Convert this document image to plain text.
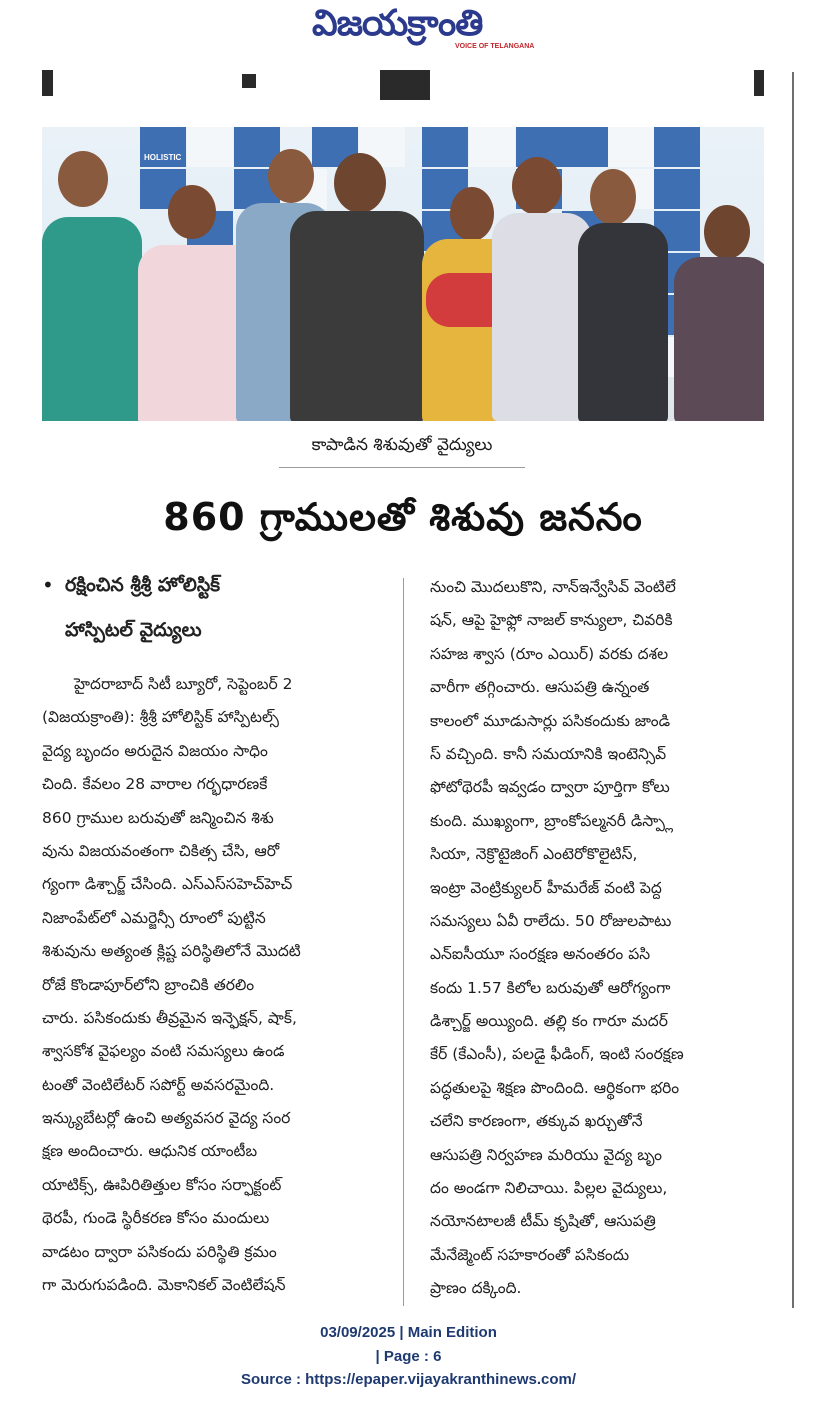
విజయక్రాంతి
VOICE OF TELANGANA
HOLISTIC
కాపాడిన శిశువుతో వైద్యులు
860 గ్రాములతో శిశువు జననం
• రక్షించిన శ్రీశ్రీ హోలిస్టిక్
హాస్పిటల్ వైద్యులు
హైదరాబాద్ సిటీ బ్యూరో, సెప్టెంబర్ 2
(విజయక్రాంతి): శ్రీశ్రీ హోలిస్టిక్ హాస్పిటల్స్
వైద్య బృందం అరుదైన విజయం సాధిం
చింది. కేవలం 28 వారాల గర్భధారణకే
860 గ్రాముల బరువుతో జన్మించిన శిశు
వును విజయవంతంగా చికిత్స చేసి, ఆరో
గ్యంగా డిశ్చార్జ్ చేసింది. ఎస్ఎస్‌సహెచ్‌హెచ్
నిజాంపేట్‌లో ఎమర్జెన్సీ రూంలో పుట్టిన
శిశువును అత్యంత క్లిష్ట పరిస్థితిలోనే మొదటి
రోజే కొండాపూర్‌లోని బ్రాంచికి తరలిం
చారు. పసికందుకు తీవ్రమైన ఇన్ఫెక్షన్, షాక్,
శ్వాసకోశ వైఫల్యం వంటి సమస్యలు ఉండ
టంతో వెంటిలేటర్ సపోర్ట్ అవసరమైంది.
ఇన్క్యుబేటర్లో ఉంచి అత్యవసర వైద్య సంర
క్షణ అందించారు. ఆధునిక యాంటీబ
యాటిక్స్, ఊపిరితిత్తుల కోసం సర్ఫాక్టంట్
థెరపీ, గుండె స్థిరీకరణ కోసం మందులు
వాడటం ద్వారా పసికందు పరిస్థితి క్రమం
గా మెరుగుపడింది. మెకానికల్ వెంటిలేషన్
నుంచి మొదలుకొని, నాన్‌ఇన్వేసివ్ వెంటిలే
షన్, ఆపై హైఫ్లో నాజల్ కాన్యులా, చివరికి
సహజ శ్వాస (రూం ఎయిర్) వరకు దశల
వారీగా తగ్గించారు. ఆసుపత్రి ఉన్నంత
కాలంలో మూడుసార్లు పసికందుకు జాండి
స్ వచ్చింది. కానీ సమయానికి ఇంటెన్సివ్
ఫోటోథెరపీ ఇవ్వడం ద్వారా పూర్తిగా కోలు
కుంది. ముఖ్యంగా, బ్రాంకోపల్మనరీ డిస్ప్లా
సియా, నెక్రొటైజింగ్ ఎంటెరోకొలైటిస్,
ఇంట్రా వెంట్రిక్యులర్ హీమరేజ్ వంటి పెద్ద
సమస్యలు ఏవీ రాలేదు. 50 రోజులపాటు
ఎన్ఐసీయూ సంరక్షణ అనంతరం పసి
కందు 1.57 కిలోల బరువుతో ఆరోగ్యంగా
డిశ్చార్జ్ అయ్యింది. తల్లి కం గారూ మదర్
కేర్ (కేఎంసీ), పలడై ఫీడింగ్, ఇంటి సంరక్షణ
పద్ధతులపై శిక్షణ పొందింది. ఆర్థికంగా భరిం
చలేని కారణంగా, తక్కువ ఖర్చుతోనే
ఆసుపత్రి నిర్వహణ మరియు వైద్య బృం
దం అండగా నిలిచాయి. పిల్లల వైద్యులు,
నయోనటాలజీ టీమ్ కృషితో, ఆసుపత్రి
మేనేజ్మెంట్ సహకారంతో పసికందు
ప్రాణం దక్కింది.
03/09/2025 | Main Edition
| Page : 6
Source : https://epaper.vijayakranthinews.com/
